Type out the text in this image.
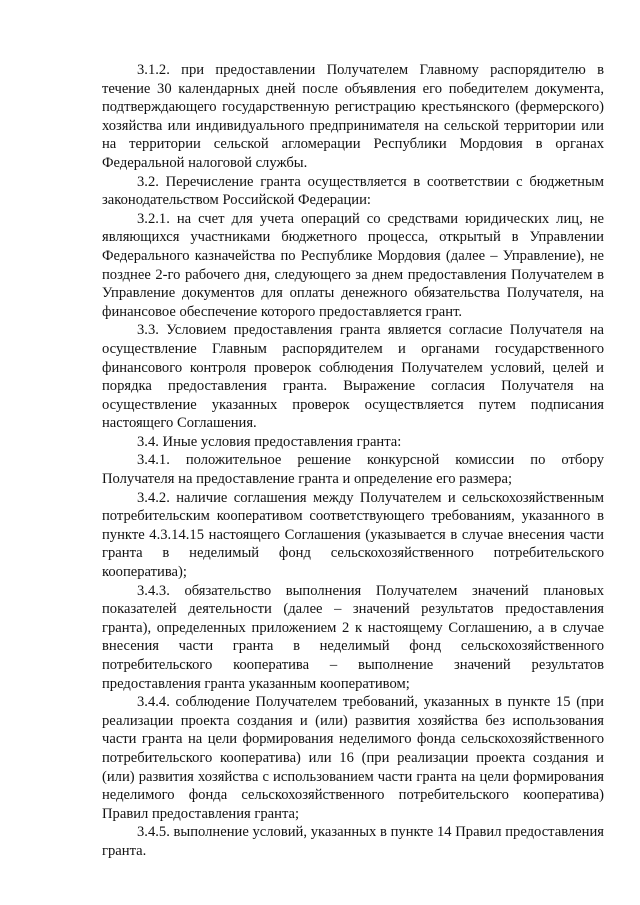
3.1.2. при предоставлении Получателем Главному распорядителю в течение 30 календарных дней после объявления его победителем документа, подтверждающего государственную регистрацию крестьянского (фермерского) хозяйства или индивидуального предпринимателя на сельской территории или на территории сельской агломерации Республики Мордовия в органах Федеральной налоговой службы.

3.2. Перечисление гранта осуществляется в соответствии с бюджетным законодательством Российской Федерации:

3.2.1. на счет для учета операций со средствами юридических лиц, не являющихся участниками бюджетного процесса, открытый в Управлении Федерального казначейства по Республике Мордовия (далее – Управление), не позднее 2-го рабочего дня, следующего за днем предоставления Получателем в Управление документов для оплаты денежного обязательства Получателя, на финансовое обеспечение которого предоставляется грант.

3.3. Условием предоставления гранта является согласие Получателя на осуществление Главным распорядителем и органами государственного финансового контроля проверок соблюдения Получателем условий, целей и порядка предоставления гранта. Выражение согласия Получателя на осуществление указанных проверок осуществляется путем подписания настоящего Соглашения.

3.4. Иные условия предоставления гранта:

3.4.1. положительное решение конкурсной комиссии по отбору Получателя на предоставление гранта и определение его размера;

3.4.2. наличие соглашения между Получателем и сельскохозяйственным потребительским кооперативом соответствующего требованиям, указанного в пункте 4.3.14.15 настоящего Соглашения (указывается в случае внесения части гранта в неделимый фонд сельскохозяйственного потребительского кооператива);

3.4.3. обязательство выполнения Получателем значений плановых показателей деятельности (далее – значений результатов предоставления гранта), определенных приложением 2 к настоящему Соглашению, а в случае внесения части гранта в неделимый фонд сельскохозяйственного потребительского кооператива – выполнение значений результатов предоставления гранта указанным кооперативом;

3.4.4. соблюдение Получателем требований, указанных в пункте 15 (при реализации проекта создания и (или) развития хозяйства без использования части гранта на цели формирования неделимого фонда сельскохозяйственного потребительского кооператива) или 16 (при реализации проекта создания и (или) развития хозяйства с использованием части гранта на цели формирования неделимого фонда сельскохозяйственного потребительского кооператива) Правил предоставления гранта;

3.4.5. выполнение условий, указанных в пункте 14 Правил предоставления гранта.
